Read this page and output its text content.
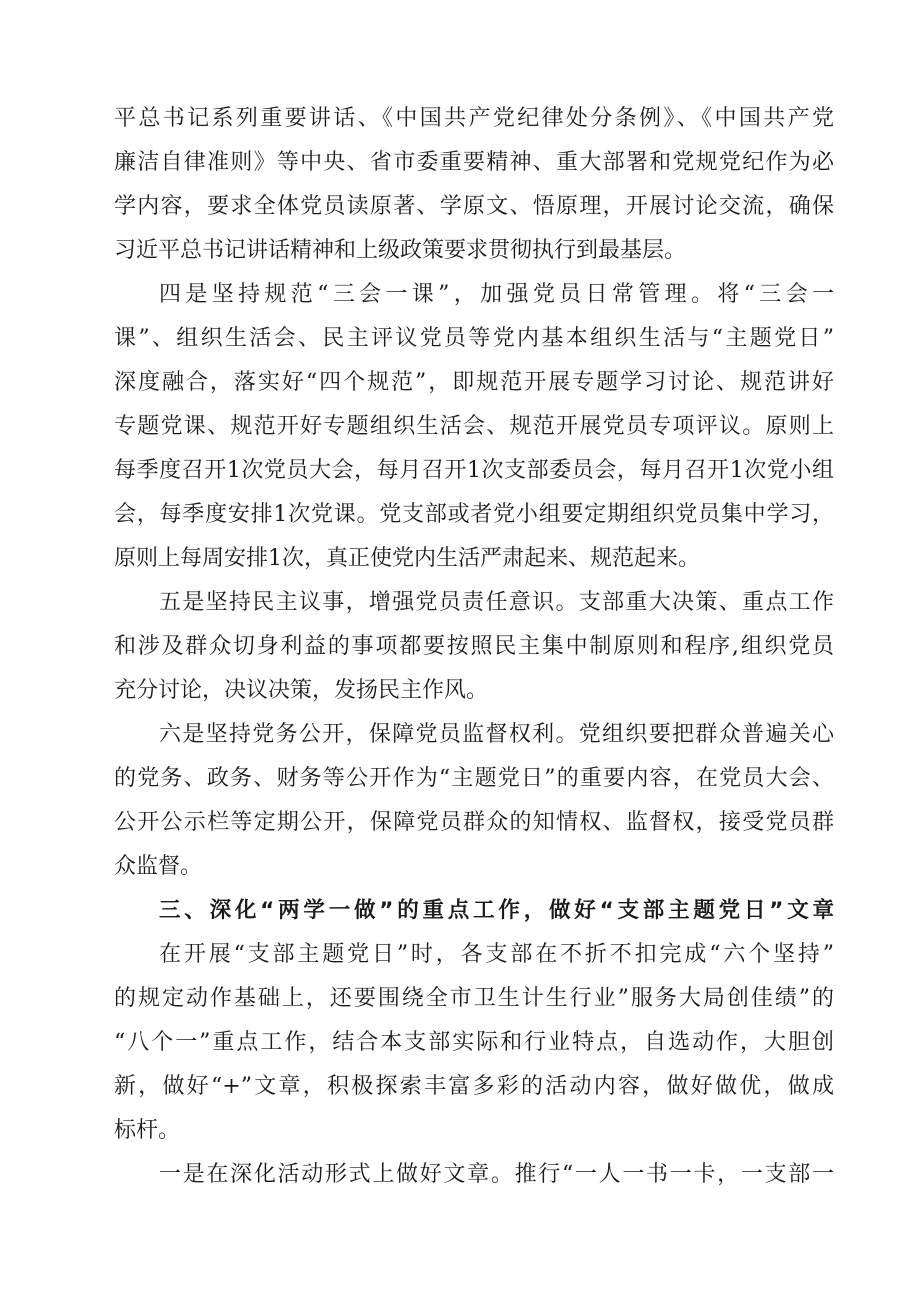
平总书记系列重要讲话、《中国共产党纪律处分条例》、《中国共产党
廉洁自律准则》等中央、省市委重要精神、重大部署和党规党纪作为必
学内容，要求全体党员读原著、学原文、悟原理，开展讨论交流，确保
习近平总书记讲话精神和上级政策要求贯彻执行到最基层。
四是坚持规范“三会一课”，加强党员日常管理。将“三会一
课”、组织生活会、民主评议党员等党内基本组织生活与“主题党日”
深度融合，落实好“四个规范”，即规范开展专题学习讨论、规范讲好
专题党课、规范开好专题组织生活会、规范开展党员专项评议。原则上
每季度召开1次党员大会，每月召开1次支部委员会，每月召开1次党小组
会，每季度安排1次党课。党支部或者党小组要定期组织党员集中学习，
原则上每周安排1次，真正使党内生活严肃起来、规范起来。
五是坚持民主议事，增强党员责任意识。支部重大决策、重点工作
和涉及群众切身利益的事项都要按照民主集中制原则和程序,组织党员
充分讨论，决议决策，发扬民主作风。
六是坚持党务公开，保障党员监督权利。党组织要把群众普遍关心
的党务、政务、财务等公开作为“主题党日”的重要内容，在党员大会、
公开公示栏等定期公开，保障党员群众的知情权、监督权，接受党员群
众监督。
三、深化“两学一做”的重点工作，做好“支部主题党日”文章
在开展“支部主题党日”时，各支部在不折不扣完成“六个坚持”
的规定动作基础上，还要围绕全市卫生计生行业”服务大局创佳绩”的
“八个一”重点工作，结合本支部实际和行业特点，自选动作，大胆创
新，做好“+”文章，积极探索丰富多彩的活动内容，做好做优，做成
标杆。
一是在深化活动形式上做好文章。推行“一人一书一卡，一支部一
